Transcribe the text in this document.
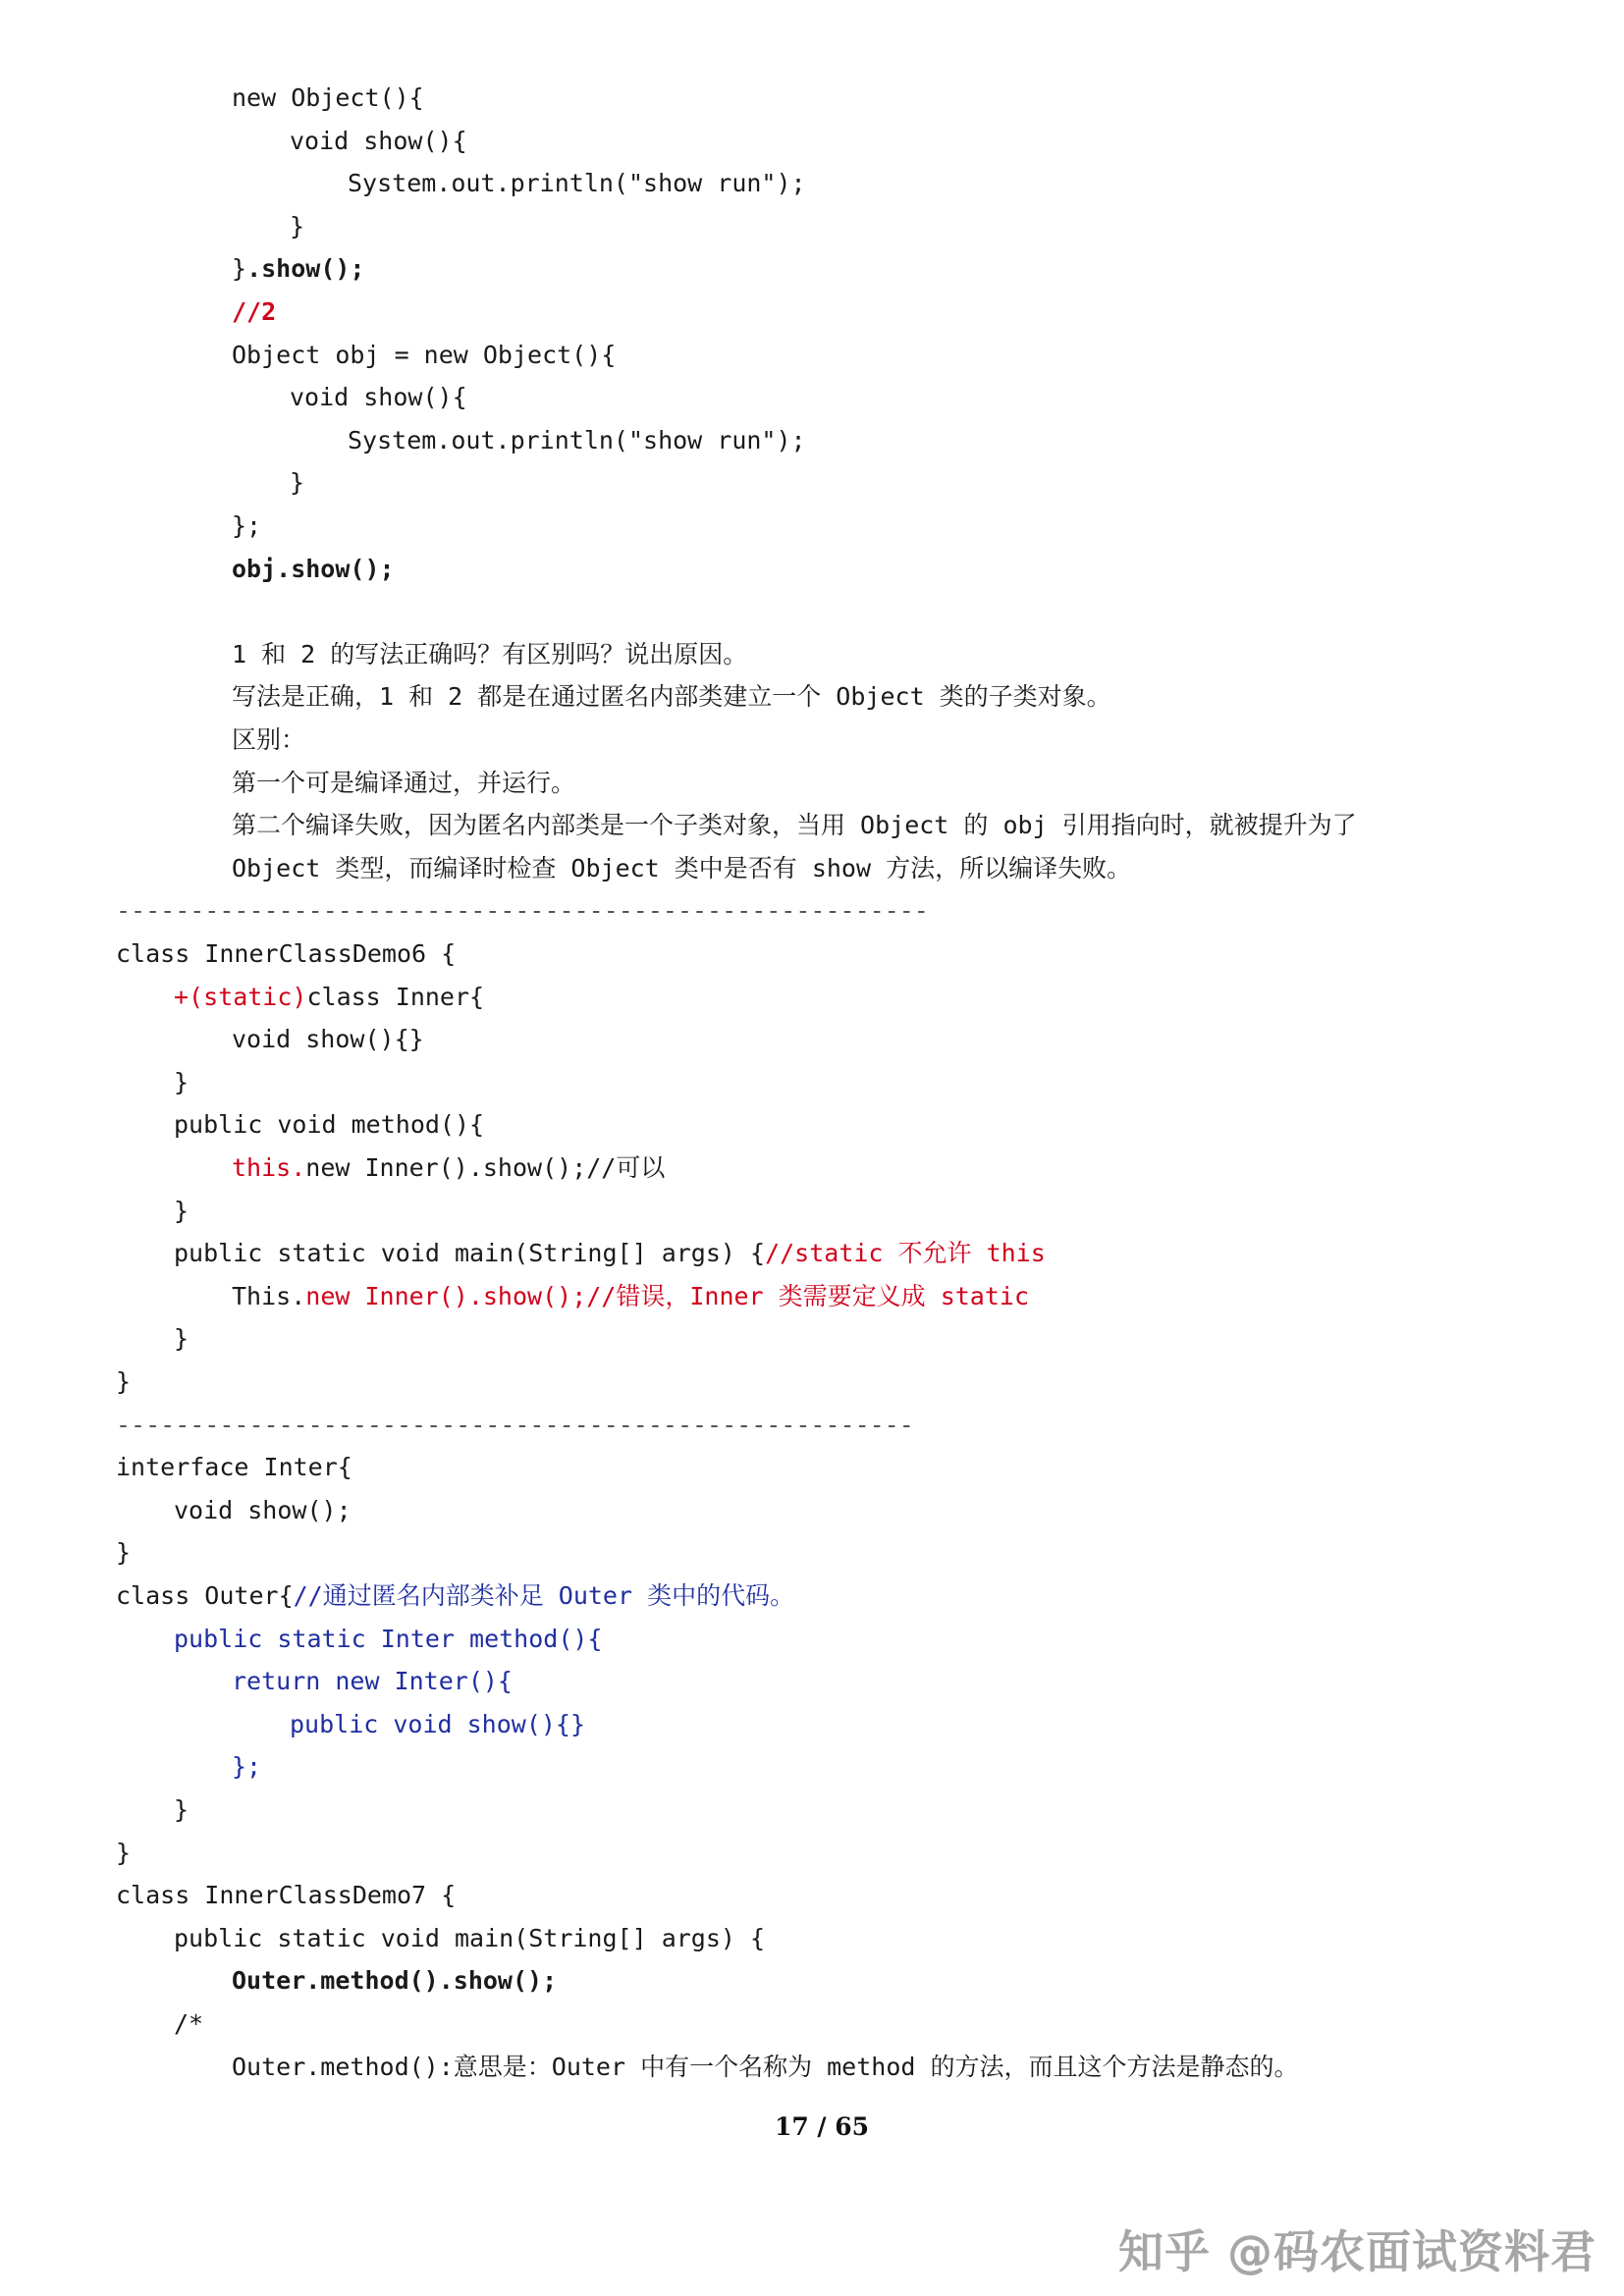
new Object(){
void show(){
System.out.println("show run");
}
}.show();
//2
Object obj = new Object(){
void show(){
System.out.println("show run");
}
};
obj.show();
1 和 2 的写法正确吗？有区别吗？说出原因。
写法是正确，1 和 2 都是在通过匿名内部类建立一个 Object 类的子类对象。
区别：
第一个可是编译通过，并运行。
第二个编译失败，因为匿名内部类是一个子类对象，当用 Object 的 obj 引用指向时，就被提升为了
Object 类型，而编译时检查 Object 类中是否有 show 方法，所以编译失败。
-------------------------------------------------------
class InnerClassDemo6 {
+(static)class Inner{
void show(){}
}
public void method(){
this.new Inner().show();//可以
}
public static void main(String[] args) {//static 不允许 this
This.new Inner().show();//错误，Inner 类需要定义成 static
}
}
------------------------------------------------------
interface Inter{
void show();
}
class Outer{//通过匿名内部类补足 Outer 类中的代码。
public static Inter method(){
return new Inter(){
public void show(){}
};
}
}
class InnerClassDemo7 {
public static void main(String[] args) {
Outer.method().show();
/*
Outer.method():意思是：Outer 中有一个名称为 method 的方法，而且这个方法是静态的。
17 / 65
知乎 @码农面试资料君
